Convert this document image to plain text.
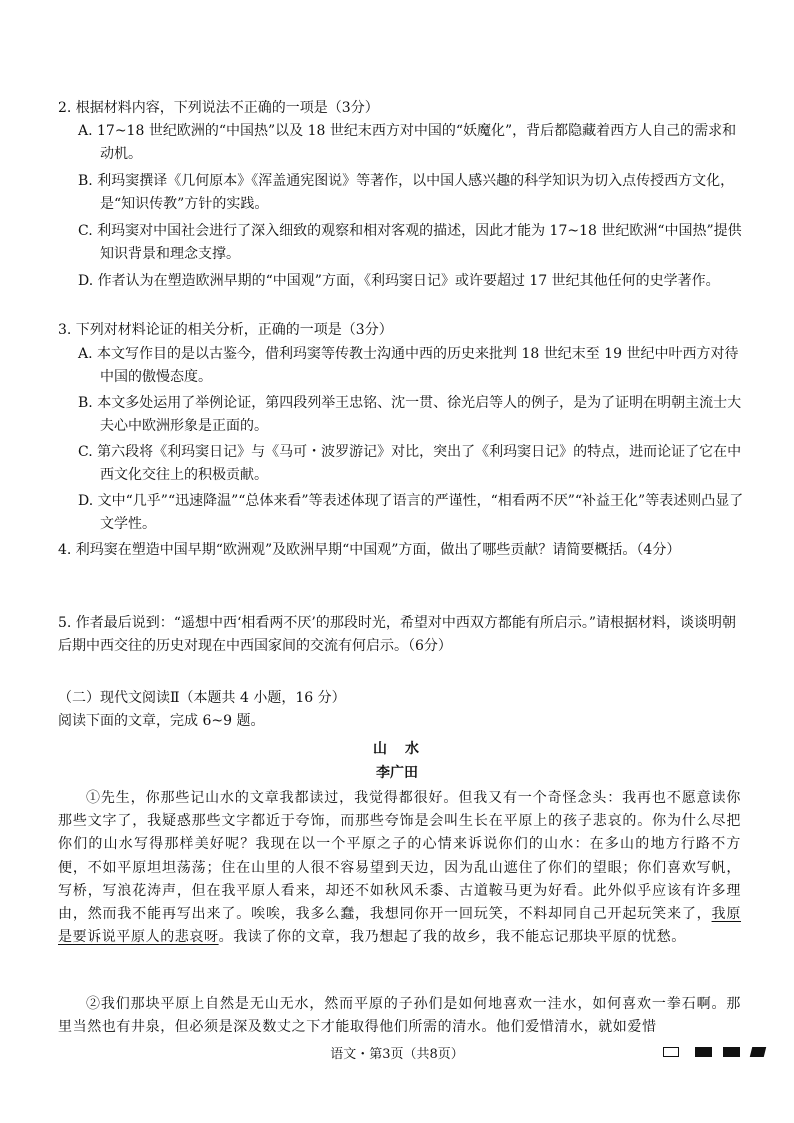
2. 根据材料内容，下列说法不正确的一项是（3分）
A. 17~18 世纪欧洲的“中国热”以及 18 世纪末西方对中国的“妖魔化”，背后都隐藏着西方人自己的需求和动机。
B. 利玛窦撰译《几何原本》《浑盖通宪图说》等著作，以中国人感兴趣的科学知识为切入点传授西方文化，是“知识传教”方针的实践。
C. 利玛窦对中国社会进行了深入细致的观察和相对客观的描述，因此才能为 17~18 世纪欧洲“中国热”提供知识背景和理念支撑。
D. 作者认为在塑造欧洲早期的“中国观”方面，《利玛窦日记》或许要超过 17 世纪其他任何的史学著作。
3. 下列对材料论证的相关分析，正确的一项是（3分）
A. 本文写作目的是以古鉴今，借利玛窦等传教士沟通中西的历史来批判 18 世纪末至 19 世纪中叶西方对待中国的傲慢态度。
B. 本文多处运用了举例论证，第四段列举王忠铭、沈一贯、徐光启等人的例子，是为了证明在明朝主流士大夫心中欧洲形象是正面的。
C. 第六段将《利玛窦日记》与《马可・波罗游记》对比，突出了《利玛窦日记》的特点，进而论证了它在中西文化交往上的积极贡献。
D. 文中“几乎”“迅速降温”“总体来看”等表述体现了语言的严谨性，“相看两不厌”“补益王化”等表述则凸显了文学性。
4. 利玛窦在塑造中国早期“欧洲观”及欧洲早期“中国观”方面，做出了哪些贡献？请简要概括。（4分）
5. 作者最后说到：“遥想中西‘相看两不厌’的那段时光，希望对中西双方都能有所启示。”请根据材料，谈谈明朝后期中西交往的历史对现在中西国家间的交流有何启示。（6分）
（二）现代文阅读Ⅱ（本题共 4 小题，16 分）
阅读下面的文章，完成 6~9 题。
山　水
李广田
①先生，你那些记山水的文章我都读过，我觉得都很好。但我又有一个奇怪念头：我再也不愿意读你那些文字了，我疑惑那些文字都近于夸饰，而那些夸饰是会叫生长在平原上的孩子悲哀的。你为什么尽把你们的山水写得那样美好呢？我现在以一个平原之子的心情来诉说你们的山水：在多山的地方行路不方便，不如平原坦坦荡荡；住在山里的人很不容易望到天边，因为乱山遮住了你们的望眼；你们喜欢写帆，写桥，写浪花涛声，但在我平原人看来，却还不如秋风禾黍、古道鞍马更为好看。此外似乎应该有许多理由，然而我不能再写出来了。唉唉，我多么蠢，我想同你开一回玩笑，不料却同自己开起玩笑来了，我原是要诉说平原人的悲哀呀。我读了你的文章，我乃想起了我的故乡，我不能忘记那块平原的忧愁。
②我们那块平原上自然是无山无水，然而平原的子孙们是如何地喜欢一洼水，如何喜欢一拳石啊。那里当然也有井泉，但必须是深及数丈之下才能取得他们所需的清水。他们爱惜清水，就如爱惜
语文・第3页（共8页）
